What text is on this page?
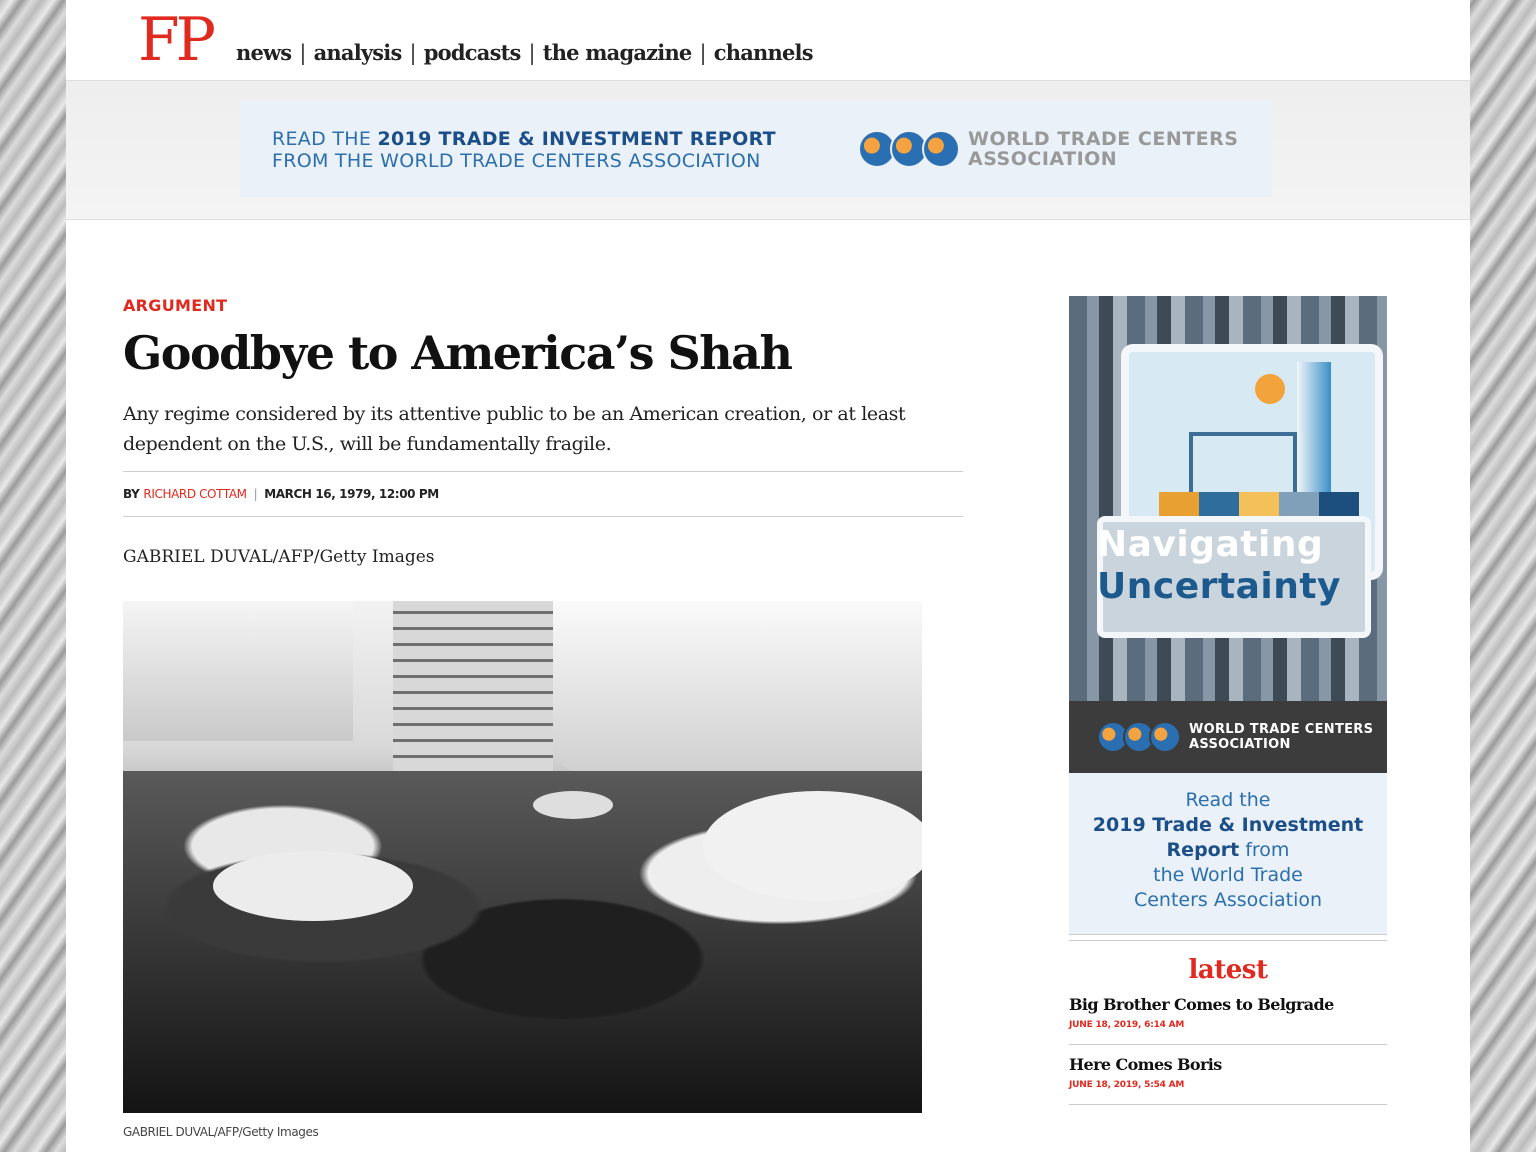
FP news | analysis | podcasts | the magazine | channels
READ THE 2019 TRADE & INVESTMENT REPORT
FROM THE WORLD TRADE CENTERS ASSOCIATION
WORLD TRADE CENTERS
ASSOCIATION
ARGUMENT
Goodbye to America’s Shah
Any regime considered by its attentive public to be an American creation, or at least dependent on the U.S., will be fundamentally fragile.
BY RICHARD COTTAM | MARCH 16, 1979, 12:00 PM
GABRIEL DUVAL/AFP/Getty Images
GABRIEL DUVAL/AFP/Getty Images
Navigating
Uncertainty
WORLD TRADE CENTERS
ASSOCIATION
Read the
2019 Trade & Investment Report from
the World Trade
Centers Association
latest
Big Brother Comes to Belgrade
JUNE 18, 2019, 6:14 AM
Here Comes Boris
JUNE 18, 2019, 5:54 AM
